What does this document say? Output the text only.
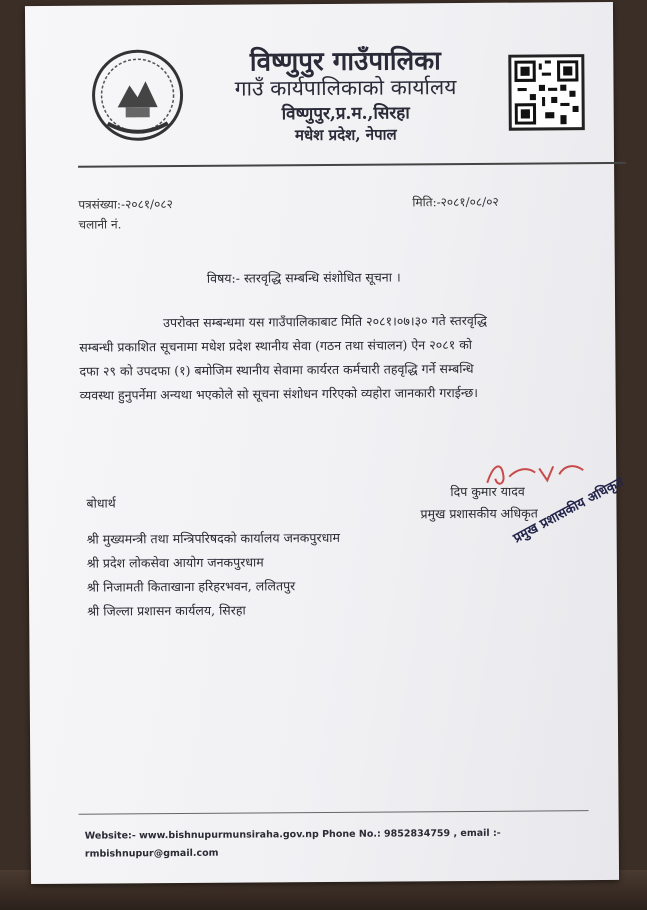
विष्णुपुर गाउँपालिका
गाउँ कार्यपालिकाको कार्यालय
विष्णुपुर,प्र.म.,सिरहा
मधेश प्रदेश, नेपाल
पत्रसंख्या:-२०८१/०८२
चलानी नं.
मिति:-२०८१/०८/०२
विषय:- स्तरवृद्धि सम्बन्धि संशोधित सूचना ।
उपरोक्त सम्बन्धमा यस गाउँपालिकाबाट मिति २०८१।०७।३० गते स्तरवृद्धि
सम्बन्धी प्रकाशित सूचनामा मधेश प्रदेश स्थानीय सेवा (गठन तथा संचालन) ऐन २०८१ को
दफा २९ को उपदफा (१) बमोजिम स्थानीय सेवामा कार्यरत कर्मचारी तहवृद्धि गर्ने सम्बन्धि
व्यवस्था हुनुपर्नेमा अन्यथा भएकोले सो सूचना संशोधन गरिएको व्यहोरा जानकारी गराईन्छ।
दिप कुमार यादव
प्रमुख प्रशासकीय अधिकृत
प्रमुख प्रशासकीय अधिकृत
बोधार्थ
श्री मुख्यमन्त्री तथा मन्त्रिपरिषदको कार्यालय जनकपुरधाम
श्री प्रदेश लोकसेवा आयोग जनकपुरधाम
श्री निजामती किताखाना हरिहरभवन, ललितपुर
श्री जिल्ला प्रशासन कार्यलय, सिरहा
Website:- www.bishnupurmunsiraha.gov.np Phone No.: 9852834759 , email :-
rmbishnupur@gmail.com
